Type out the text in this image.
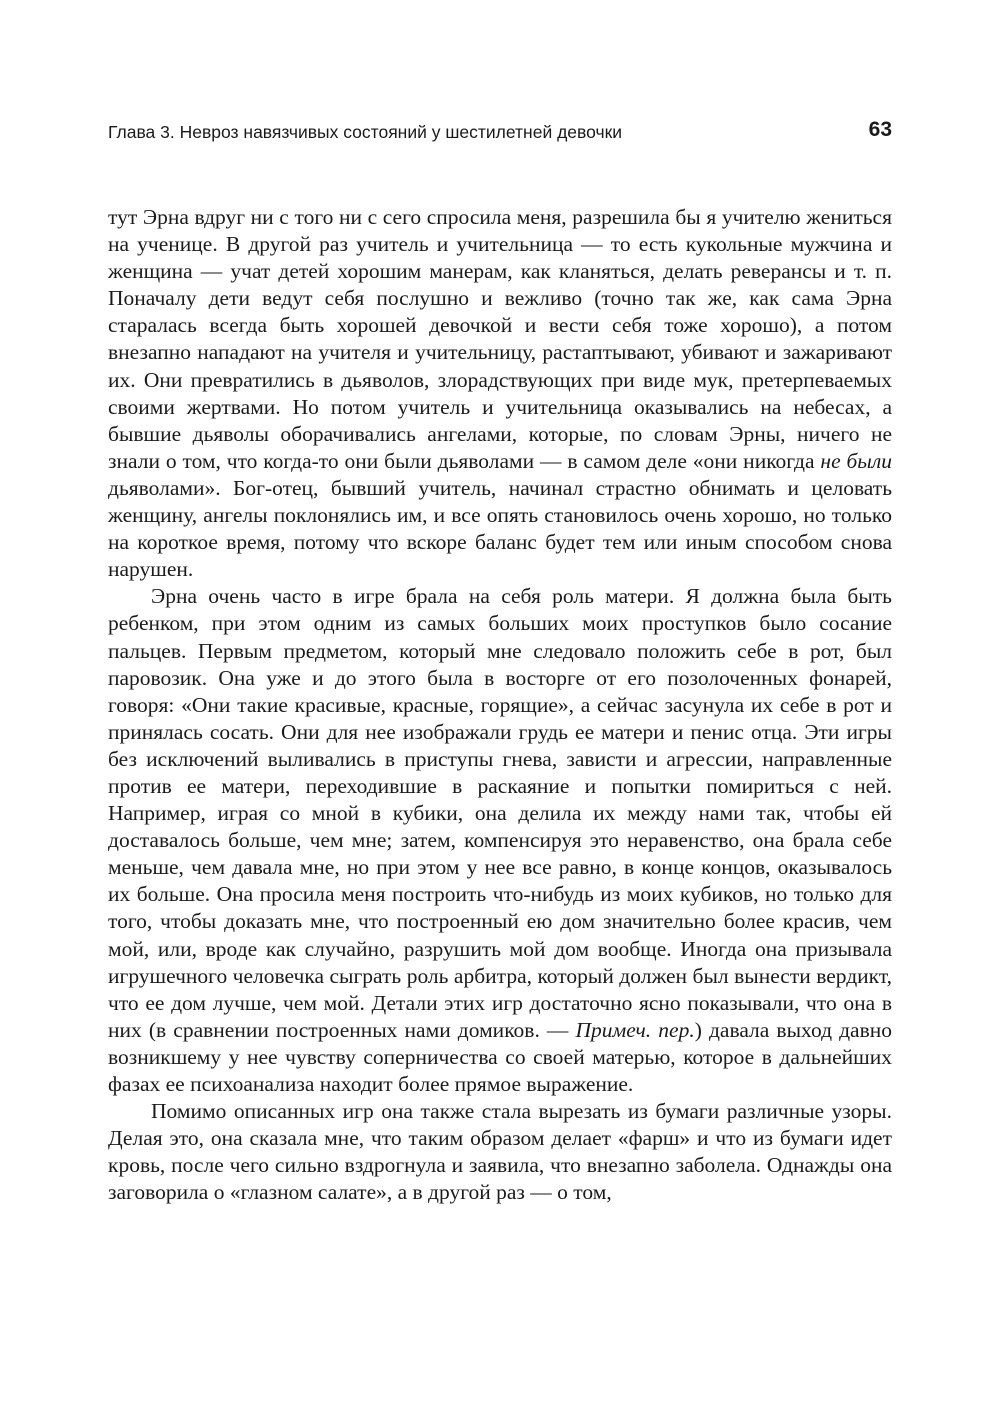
Глава 3. Невроз навязчивых состояний у шестилетней девочки	63

тут Эрна вдруг ни с того ни с сего спросила меня, разрешила бы я учителю жениться на ученице. В другой раз учитель и учительница — то есть кукольные мужчина и женщина — учат детей хорошим манерам, как кланяться, делать реверансы и т. п. Поначалу дети ведут себя послушно и вежливо (точно так же, как сама Эрна старалась всегда быть хорошей девочкой и вести себя тоже хорошо), а потом внезапно нападают на учителя и учительницу, растаптывают, убивают и зажаривают их. Они превратились в дьяволов, злорадствующих при виде мук, претерпеваемых своими жертвами. Но потом учитель и учительница оказывались на небесах, а бывшие дьяволы оборачивались ангелами, которые, по словам Эрны, ничего не знали о том, что когда-то они были дьяволами — в самом деле «они никогда не были дьяволами». Бог-отец, бывший учитель, начинал страстно обнимать и целовать женщину, ангелы поклонялись им, и все опять становилось очень хорошо, но только на короткое время, потому что вскоре баланс будет тем или иным способом снова нарушен.

Эрна очень часто в игре брала на себя роль матери. Я должна была быть ребенком, при этом одним из самых больших моих проступков было сосание пальцев. Первым предметом, который мне следовало положить себе в рот, был паровозик. Она уже и до этого была в восторге от его позолоченных фонарей, говоря: «Они такие красивые, красные, горящие», а сейчас засунула их себе в рот и принялась сосать. Они для нее изображали грудь ее матери и пенис отца. Эти игры без исключений выливались в приступы гнева, зависти и агрессии, направленные против ее матери, переходившие в раскаяние и попытки помириться с ней. Например, играя со мной в кубики, она делила их между нами так, чтобы ей доставалось больше, чем мне; затем, компенсируя это неравенство, она брала себе меньше, чем давала мне, но при этом у нее все равно, в конце концов, оказывалось их больше. Она просила меня построить что-нибудь из моих кубиков, но только для того, чтобы доказать мне, что построенный ею дом значительно более красив, чем мой, или, вроде как случайно, разрушить мой дом вообще. Иногда она призывала игрушечного человечка сыграть роль арбитра, который должен был вынести вердикт, что ее дом лучше, чем мой. Детали этих игр достаточно ясно показывали, что она в них (в сравнении построенных нами домиков. — Примеч. пер.) давала выход давно возникшему у нее чувству соперничества со своей матерью, которое в дальнейших фазах ее психоанализа находит более прямое выражение.

Помимо описанных игр она также стала вырезать из бумаги различные узоры. Делая это, она сказала мне, что таким образом делает «фарш» и что из бумаги идет кровь, после чего сильно вздрогнула и заявила, что внезапно заболела. Однажды она заговорила о «глазном салате», а в другой раз — о том,
